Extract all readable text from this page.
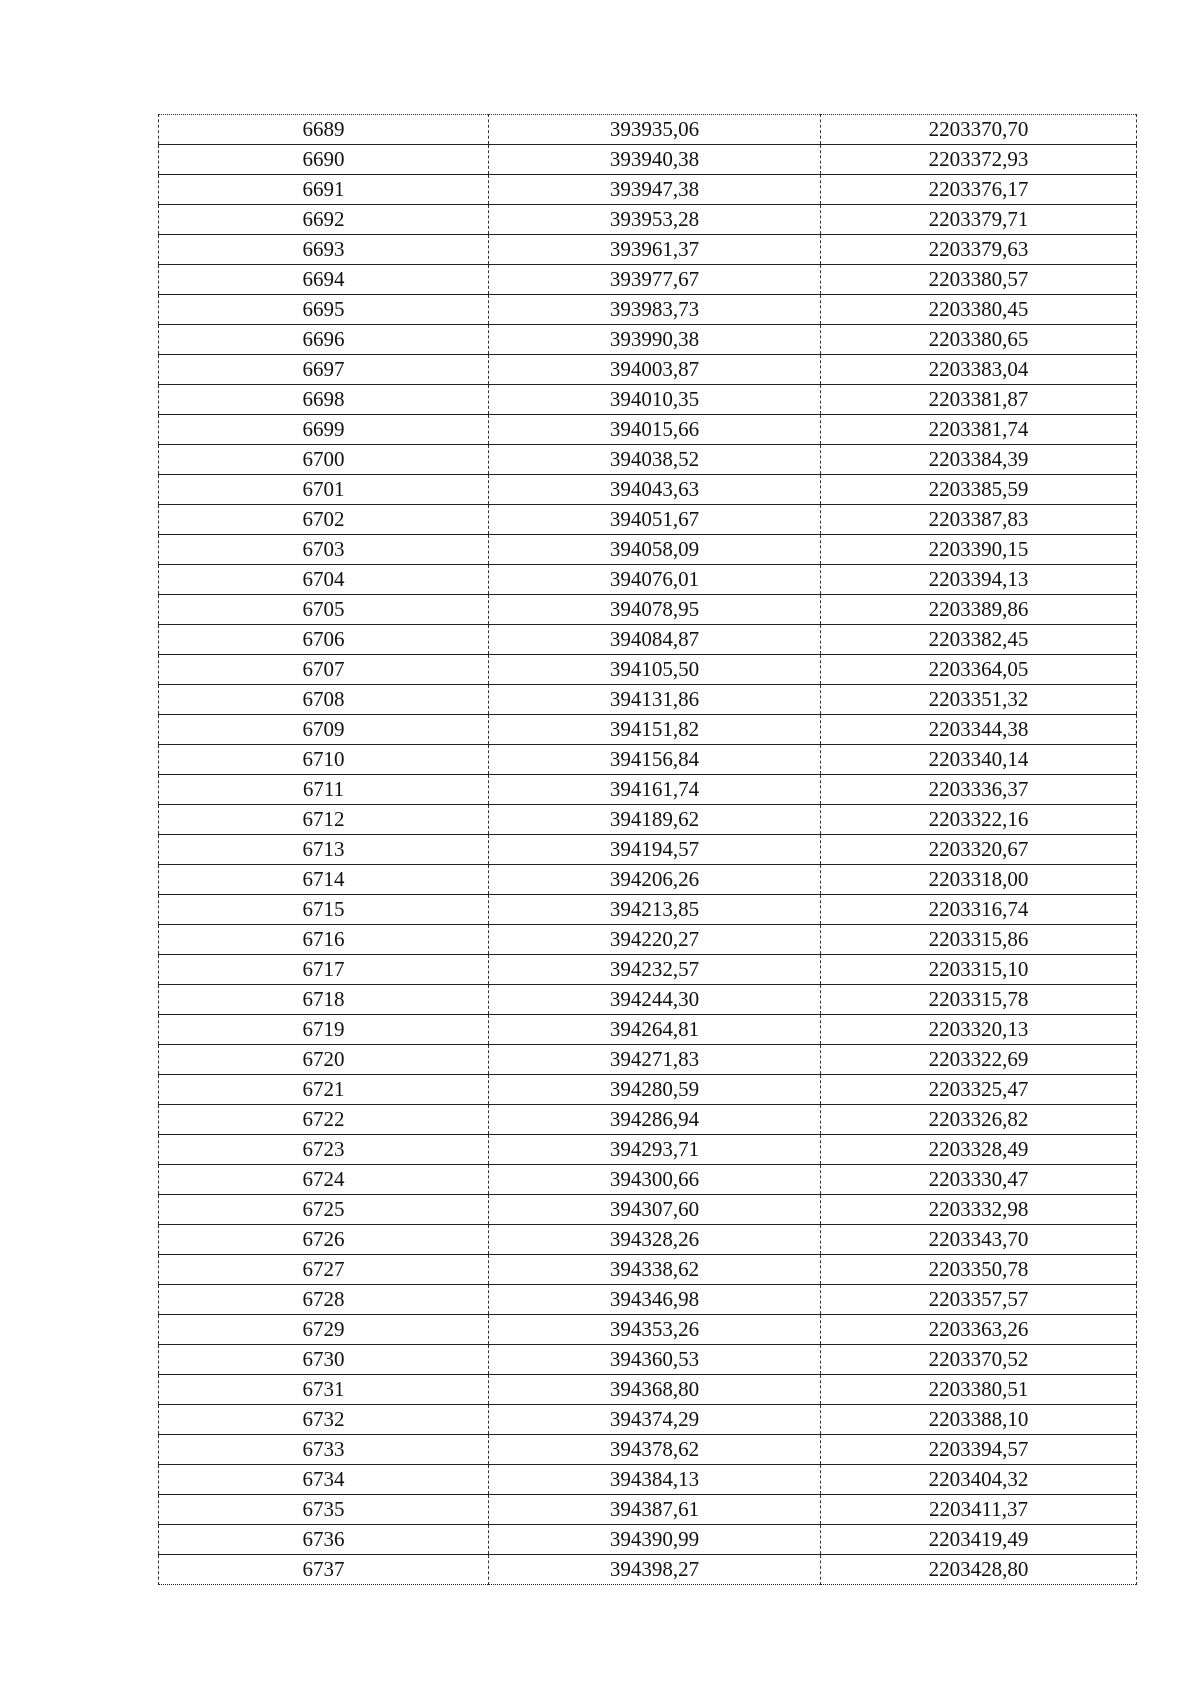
6689	393935,06	2203370,70
6690	393940,38	2203372,93
6691	393947,38	2203376,17
6692	393953,28	2203379,71
6693	393961,37	2203379,63
6694	393977,67	2203380,57
6695	393983,73	2203380,45
6696	393990,38	2203380,65
6697	394003,87	2203383,04
6698	394010,35	2203381,87
6699	394015,66	2203381,74
6700	394038,52	2203384,39
6701	394043,63	2203385,59
6702	394051,67	2203387,83
6703	394058,09	2203390,15
6704	394076,01	2203394,13
6705	394078,95	2203389,86
6706	394084,87	2203382,45
6707	394105,50	2203364,05
6708	394131,86	2203351,32
6709	394151,82	2203344,38
6710	394156,84	2203340,14
6711	394161,74	2203336,37
6712	394189,62	2203322,16
6713	394194,57	2203320,67
6714	394206,26	2203318,00
6715	394213,85	2203316,74
6716	394220,27	2203315,86
6717	394232,57	2203315,10
6718	394244,30	2203315,78
6719	394264,81	2203320,13
6720	394271,83	2203322,69
6721	394280,59	2203325,47
6722	394286,94	2203326,82
6723	394293,71	2203328,49
6724	394300,66	2203330,47
6725	394307,60	2203332,98
6726	394328,26	2203343,70
6727	394338,62	2203350,78
6728	394346,98	2203357,57
6729	394353,26	2203363,26
6730	394360,53	2203370,52
6731	394368,80	2203380,51
6732	394374,29	2203388,10
6733	394378,62	2203394,57
6734	394384,13	2203404,32
6735	394387,61	2203411,37
6736	394390,99	2203419,49
6737	394398,27	2203428,80
